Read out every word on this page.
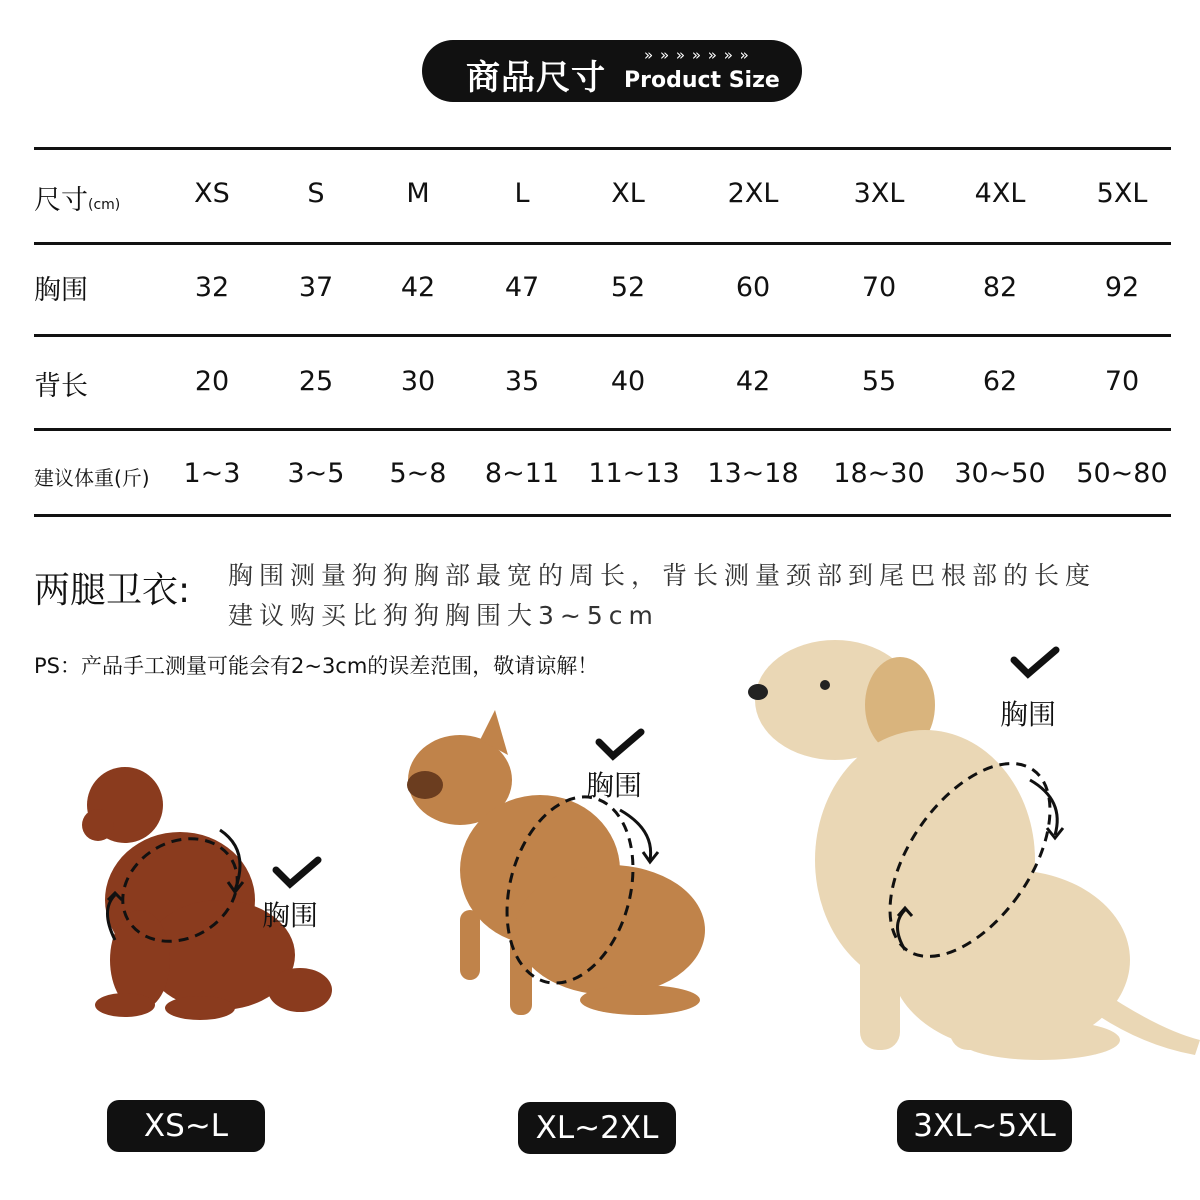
商品尺寸
» » » » » » »
Product Size
尺寸(cm)	XS	S	M	L	XL	2XL	3XL	4XL	5XL
胸围	32	37	42	47	52	60	70	82	92
背长	20	25	30	35	40	42	55	62	70
建议体重(斤) 1~3 3~5 5~8 8~11 11~13 13~18 18~30 30~50 50~80
两腿卫衣: 胸围测量狗狗胸部最宽的周长，背长测量颈部到尾巴根部的长度
建议购买比狗狗胸围大3~5cm
PS：产品手工测量可能会有2~3cm的误差范围，敬请谅解！
胸围
XS~L
胸围
XL~2XL
胸围
3XL~5XL
